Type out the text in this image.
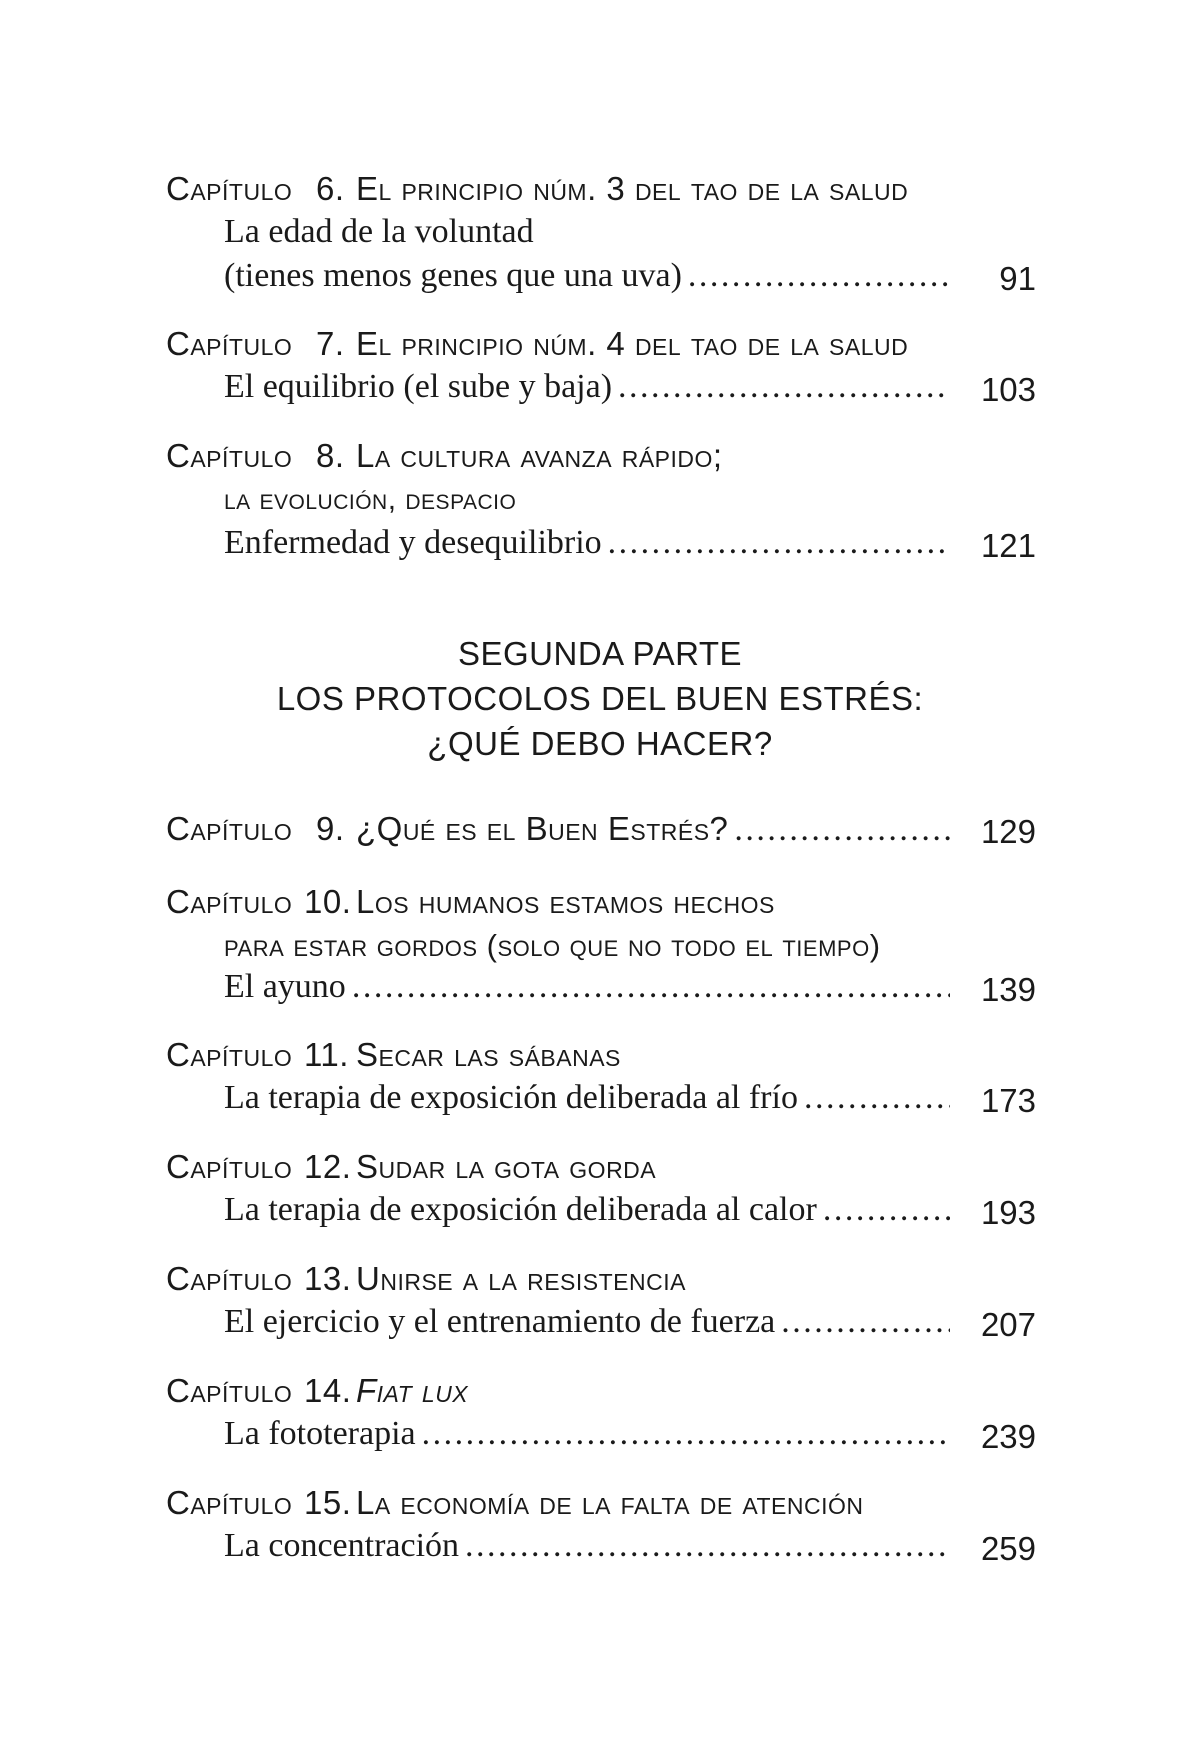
Capítulo 6. El principio núm. 3 del tao de la salud
La edad de la voluntad
(tienes menos genes que una uva) . . .	91
Capítulo 7. El principio núm. 4 del tao de la salud
El equilibrio (el sube y baja) . . .	103
Capítulo 8. La cultura avanza rápido;
la evolución, despacio
Enfermedad y desequilibrio . . .	121
SEGUNDA PARTE
LOS PROTOCOLOS DEL BUEN ESTRÉS:
¿QUÉ DEBO HACER?
Capítulo 9. ¿Qué es el Buen Estrés? . . .	129
Capítulo 10. Los humanos estamos hechos
para estar gordos (solo que no todo el tiempo)
El ayuno . . .	139
Capítulo 11. Secar las sábanas
La terapia de exposición deliberada al frío . . .	173
Capítulo 12. Sudar la gota gorda
La terapia de exposición deliberada al calor . . .	193
Capítulo 13. Unirse a la resistencia
El ejercicio y el entrenamiento de fuerza . . .	207
Capítulo 14. Fiat lux
La fototerapia . . .	239
Capítulo 15. La economía de la falta de atención
La concentración . . .	259
